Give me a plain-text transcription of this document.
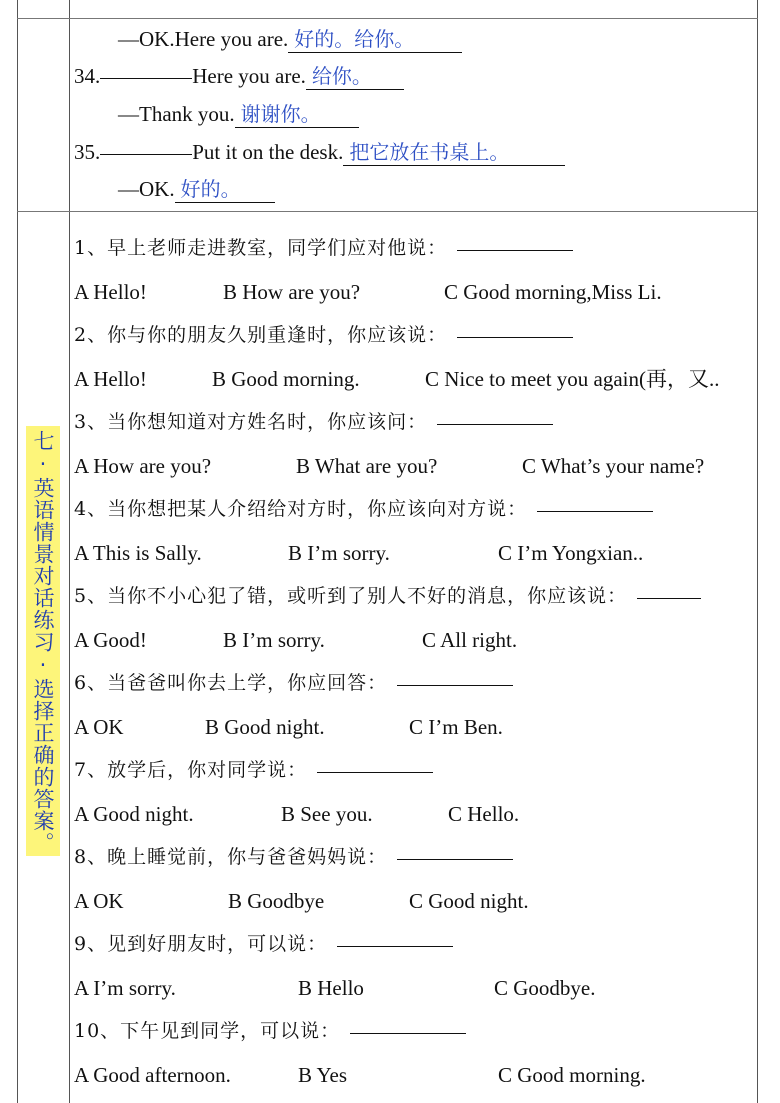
—OK.Here you are. 好的。给你。
34.	Here you are. 给你。
—Thank you. 谢谢你。
35.	Put it on the desk. 把它放在书桌上。
—OK. 好的。
七·英语情景对话练习·选择正确的答案。
1、早上老师走进教室，同学们应对他说：
A Hello!	B How are you?	C Good morning,Miss Li.
2、你与你的朋友久别重逢时，你应该说：
A Hello!	B Good morning.	C Nice to meet you again(再，又..
3、当你想知道对方姓名时，你应该问：
A How are you?	B What are you?	C What’s your name?
4、当你想把某人介绍给对方时，你应该向对方说：
A This is Sally.	B I’m sorry.	C I’m Yongxian..
5、当你不小心犯了错，或听到了别人不好的消息，你应该说：
A Good!	B I’m sorry.	C All right.
6、当爸爸叫你去上学，你应回答：
A OK	B Good night.	C I’m Ben.
7、放学后，你对同学说：
A Good night.	B See you.	C Hello.
8、晚上睡觉前，你与爸爸妈妈说：
A OK	B Goodbye	C Good night.
9、见到好朋友时，可以说：
A I’m sorry.	B Hello	C Goodbye.
10、下午见到同学，可以说：
A Good afternoon.	B Yes	C Good morning.
